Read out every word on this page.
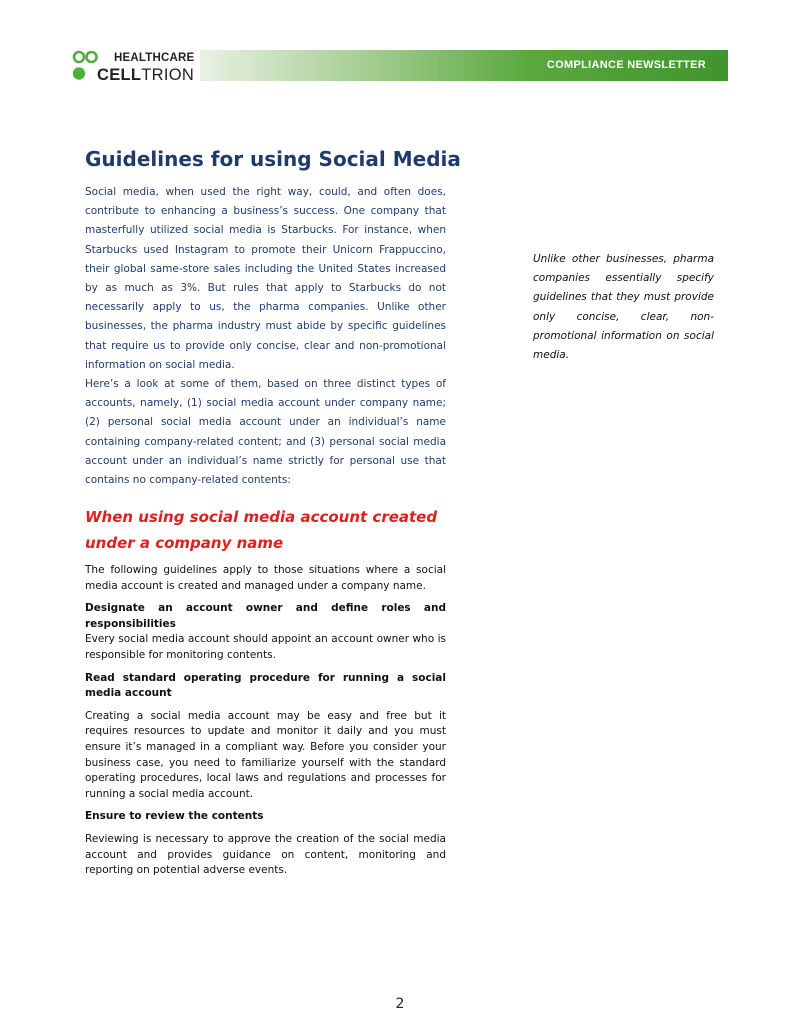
HEALTHCARE
CELLTRION
COMPLIANCE NEWSLETTER
Guidelines for using Social Media

Social media, when used the right way, could, and often does, contribute to enhancing a business’s success. One company that masterfully utilized social media is Starbucks. For instance, when Starbucks used Instagram to promote their Unicorn Frappuccino, their global same-store sales including the United States increased by as much as 3%. But rules that apply to Starbucks do not necessarily apply to us, the pharma companies. Unlike other businesses, the pharma industry must abide by specific guidelines that require us to provide only concise, clear and non-promotional information on social media.

Here’s a look at some of them, based on three distinct types of accounts, namely, (1) social media account under company name; (2) personal social media account under an individual’s name containing company-related content; and (3) personal social media account under an individual’s name strictly for personal use that contains no company-related contents:

Unlike other businesses, pharma companies essentially specify guidelines that they must provide only concise, clear, non-promotional information on social media.
When using social media account created under a company name

The following guidelines apply to those situations where a social media account is created and managed under a company name.

Designate an account owner and define roles and responsibilities

Every social media account should appoint an account owner who is responsible for monitoring contents.

Read standard operating procedure for running a social media account

Creating a social media account may be easy and free but it requires resources to update and monitor it daily and you must ensure it’s managed in a compliant way. Before you consider your business case, you need to familiarize yourself with the standard operating procedures, local laws and regulations and processes for running a social media account.

Ensure to review the contents

Reviewing is necessary to approve the creation of the social media account and provides guidance on content, monitoring and reporting on potential adverse events.

2
